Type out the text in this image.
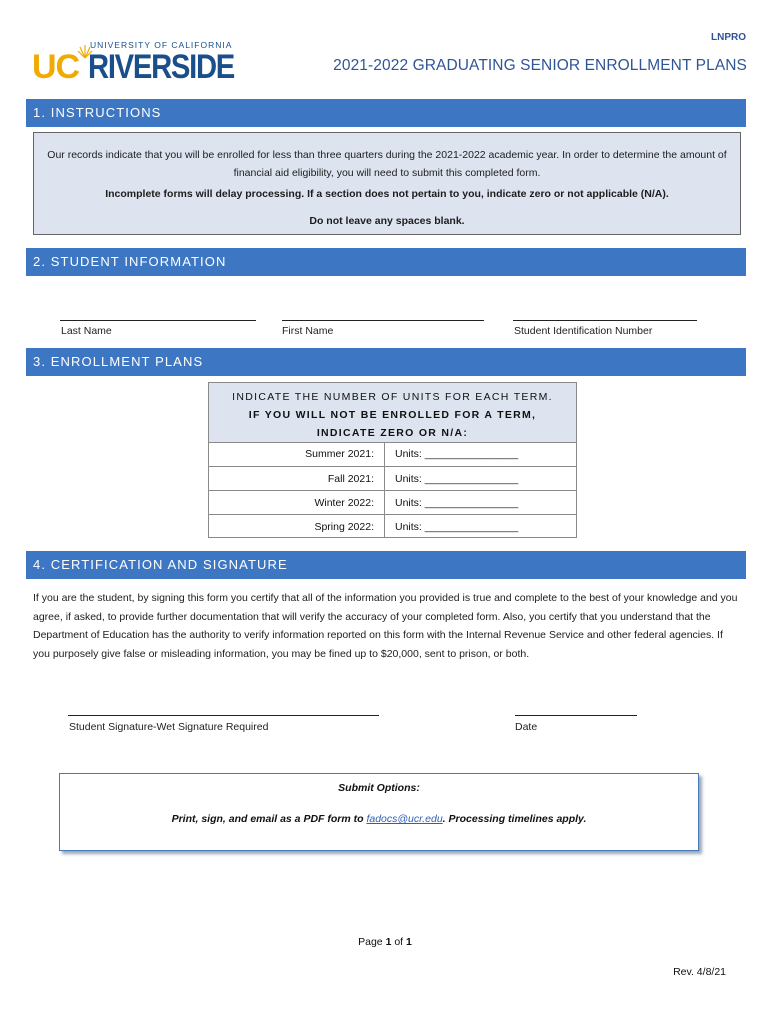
LNPRO
UNIVERSITY OF CALIFORNIA
UC RIVERSIDE	2021-2022 GRADUATING SENIOR ENROLLMENT PLANS
1. INSTRUCTIONS

Our records indicate that you will be enrolled for less than three quarters during the 2021-2022 academic year. In order to determine the amount of financial aid eligibility, you will need to submit this completed form.

Incomplete forms will delay processing. If a section does not pertain to you, indicate zero or not applicable (N/A).

Do not leave any spaces blank.

2. STUDENT INFORMATION
Last Name	First Name	Student Identification Number
3. ENROLLMENT PLANS
INDICATE THE NUMBER OF UNITS FOR EACH TERM.
IF YOU WILL NOT BE ENROLLED FOR A TERM,
INDICATE ZERO OR N/A:
Summer 2021: Units: ________________
Fall 2021: Units: ________________
Winter 2022: Units: ________________
Spring 2022: Units: ________________
4. CERTIFICATION AND SIGNATURE
If you are the student, by signing this form you certify that all of the information you provided is true and complete to the best of your knowledge and you agree, if asked, to provide further documentation that will verify the accuracy of your completed form. Also, you certify that you understand that the Department of Education has the authority to verify information reported on this form with the Internal Revenue Service and other federal agencies. If you purposely give false or misleading information, you may be fined up to $20,000, sent to prison, or both.
Student Signature-Wet Signature Required	Date
Submit Options:
Print, sign, and email as a PDF form to fadocs@ucr.edu. Processing timelines apply.
Page 1 of 1
Rev. 4/8/21
